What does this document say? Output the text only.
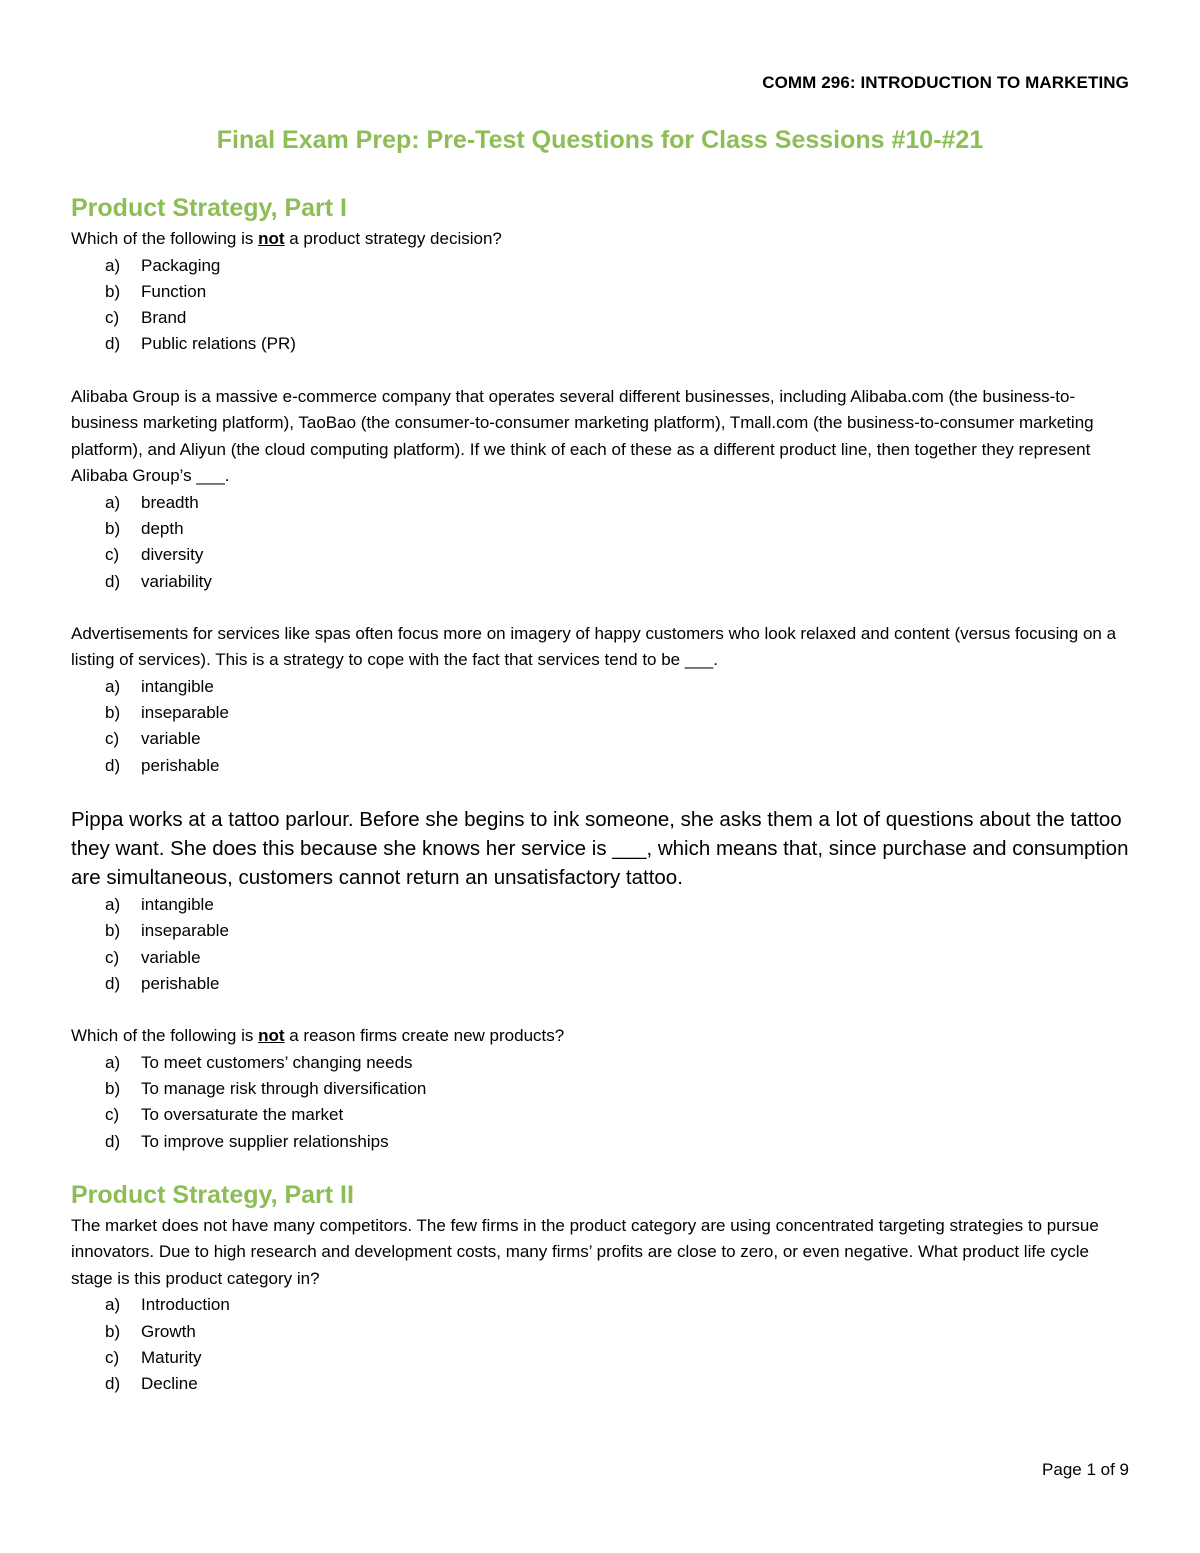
COMM 296: INTRODUCTION TO MARKETING
Final Exam Prep: Pre-Test Questions for Class Sessions #10-#21
Product Strategy, Part I

Which of the following is not a product strategy decision?

a)	Packaging
b)	Function
c)	Brand
d)	Public relations (PR)

Alibaba Group is a massive e-commerce company that operates several different businesses, including Alibaba.com (the business-to-business marketing platform), TaoBao (the consumer-to-consumer marketing platform), Tmall.com (the business-to-consumer marketing platform), and Aliyun (the cloud computing platform). If we think of each of these as a different product line, then together they represent Alibaba Group’s ___.

a)	breadth
b)	depth
c)	diversity
d)	variability

Advertisements for services like spas often focus more on imagery of happy customers who look relaxed and content (versus focusing on a listing of services). This is a strategy to cope with the fact that services tend to be ___.

a)	intangible
b)	inseparable
c)	variable
d)	perishable

Pippa works at a tattoo parlour. Before she begins to ink someone, she asks them a lot of questions about the tattoo they want. She does this because she knows her service is ___, which means that, since purchase and consumption are simultaneous, customers cannot return an unsatisfactory tattoo.

a)	intangible
b)	inseparable
c)	variable
d)	perishable

Which of the following is not a reason firms create new products?

a)	To meet customers’ changing needs
b)	To manage risk through diversification
c)	To oversaturate the market
d)	To improve supplier relationships
Product Strategy, Part II

The market does not have many competitors. The few firms in the product category are using concentrated targeting strategies to pursue innovators. Due to high research and development costs, many firms’ profits are close to zero, or even negative. What product life cycle stage is this product category in?

a)	Introduction
b)	Growth
c)	Maturity
d)	Decline
Page 1 of 9
